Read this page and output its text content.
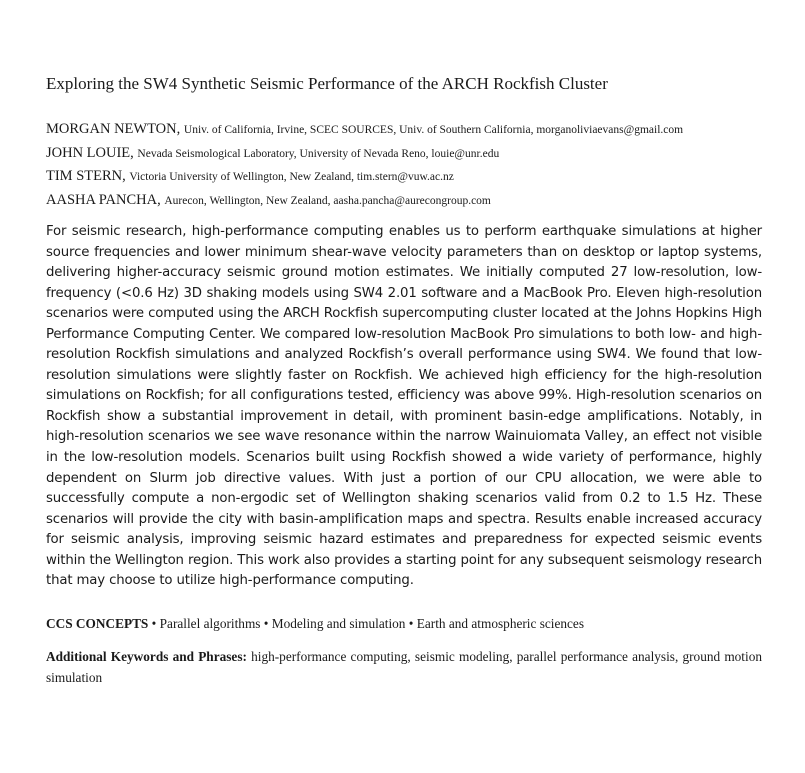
Exploring the SW4 Synthetic Seismic Performance of the ARCH Rockfish Cluster
MORGAN NEWTON, Univ. of California, Irvine, SCEC SOURCES, Univ. of Southern California, morganoliviaevans@gmail.com
JOHN LOUIE, Nevada Seismological Laboratory, University of Nevada Reno, louie@unr.edu
TIM STERN, Victoria University of Wellington, New Zealand, tim.stern@vuw.ac.nz
AASHA PANCHA, Aurecon, Wellington, New Zealand, aasha.pancha@aurecongroup.com
For seismic research, high-performance computing enables us to perform earthquake simulations at higher source frequencies and lower minimum shear-wave velocity parameters than on desktop or laptop systems, delivering higher-accuracy seismic ground motion estimates. We initially computed 27 low-resolution, low-frequency (<0.6 Hz) 3D shaking models using SW4 2.01 software and a MacBook Pro. Eleven high-resolution scenarios were computed using the ARCH Rockfish supercomputing cluster located at the Johns Hopkins High Performance Computing Center. We compared low-resolution MacBook Pro simulations to both low- and high-resolution Rockfish simulations and analyzed Rockfish’s overall performance using SW4. We found that low-resolution simulations were slightly faster on Rockfish. We achieved high efficiency for the high-resolution simulations on Rockfish; for all configurations tested, efficiency was above 99%. High-resolution scenarios on Rockfish show a substantial improvement in detail, with prominent basin-edge amplifications. Notably, in high-resolution scenarios we see wave resonance within the narrow Wainuiomata Valley, an effect not visible in the low-resolution models. Scenarios built using Rockfish showed a wide variety of performance, highly dependent on Slurm job directive values. With just a portion of our CPU allocation, we were able to successfully compute a non-ergodic set of Wellington shaking scenarios valid from 0.2 to 1.5 Hz. These scenarios will provide the city with basin-amplification maps and spectra. Results enable increased accuracy for seismic analysis, improving seismic hazard estimates and preparedness for expected seismic events within the Wellington region. This work also provides a starting point for any subsequent seismology research that may choose to utilize high-performance computing.
CCS CONCEPTS • Parallel algorithms • Modeling and simulation • Earth and atmospheric sciences
Additional Keywords and Phrases: high-performance computing, seismic modeling, parallel performance analysis, ground motion simulation
